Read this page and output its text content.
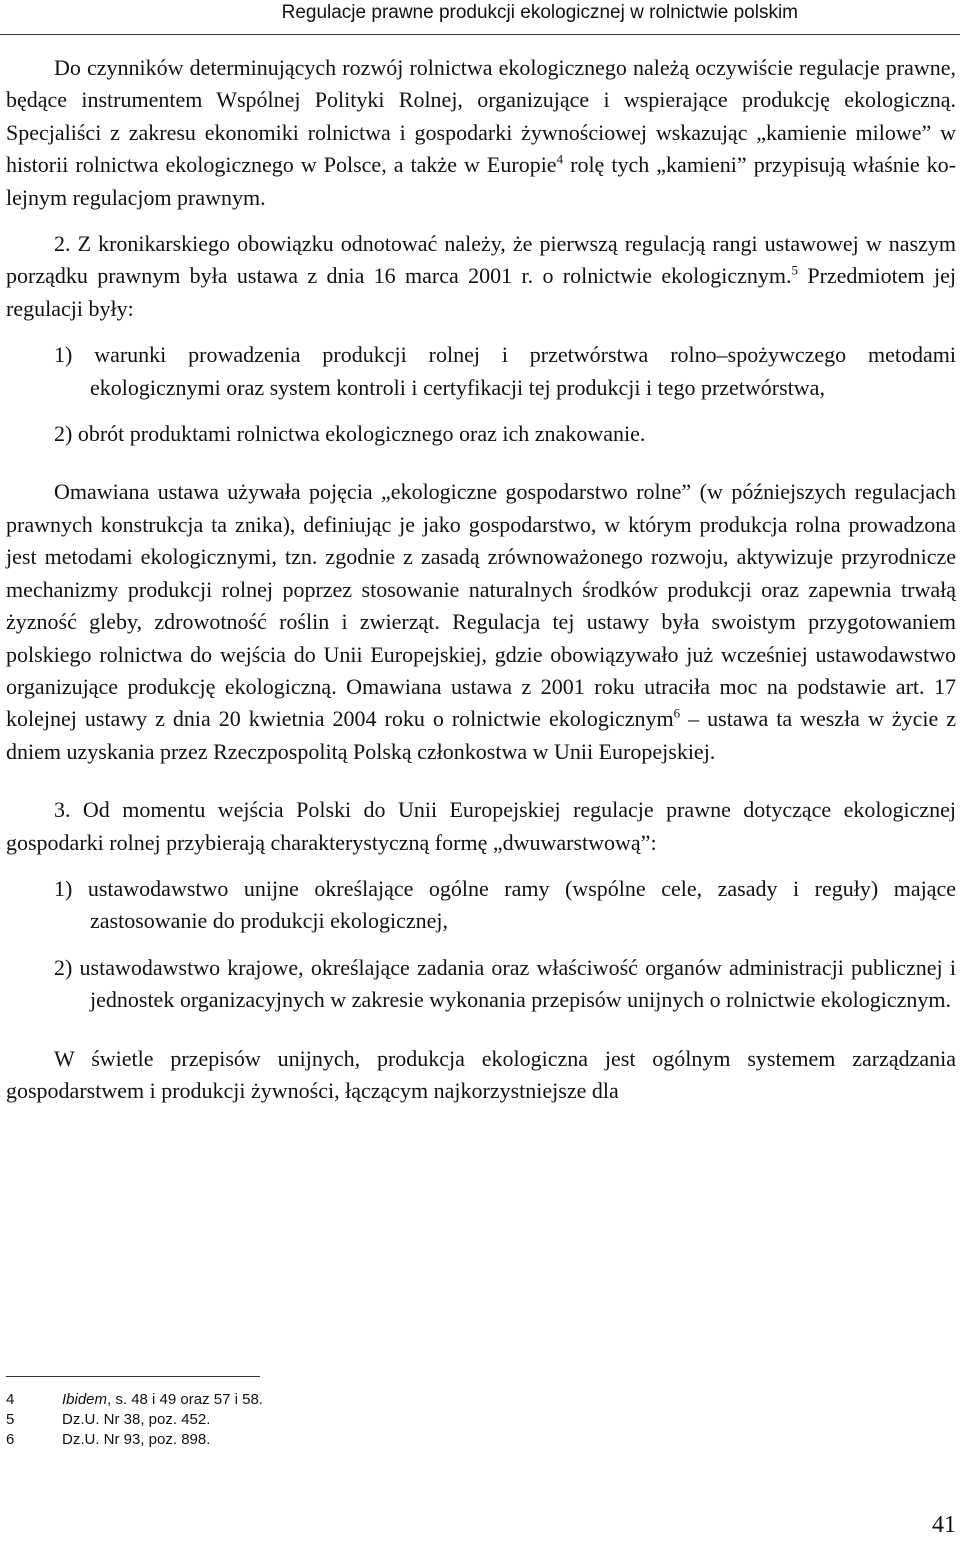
Regulacje prawne produkcji ekologicznej w rolnictwie polskim

Do czynników determinujących rozwój rolnictwa ekologicznego należą oczywiście regulacje prawne, będące instrumentem Wspólnej Polityki Rolnej, organizujące i wspierające produkcję ekologiczną. Specjaliści z zakresu ekonomiki rolnictwa i gospodarki żywnościowej wskazując „kamienie milowe” w historii rolnictwa ekologicznego w Polsce, a także w Europie$^4$ rolę tych „kamieni” przypisują właśnie kolejnym regulacjom prawnym.

2. Z kronikarskiego obowiązku odnotować należy, że pierwszą regulacją rangi ustawowej w naszym porządku prawnym była ustawa z dnia 16 marca 2001 r. o rolnictwie ekologicznym.$^5$ Przedmiotem jej regulacji były:

1) warunki prowadzenia produkcji rolnej i przetwórstwa rolno–spożywczego metodami ekologicznymi oraz system kontroli i certyfikacji tej produkcji i tego przetwórstwa,

2) obrót produktami rolnictwa ekologicznego oraz ich znakowanie.

Omawiana ustawa używała pojęcia „ekologiczne gospodarstwo rolne” (w późniejszych regulacjach prawnych konstrukcja ta znika), definiując je jako gospodarstwo, w którym produkcja rolna prowadzona jest metodami ekologicznymi, tzn. zgodnie z zasadą zrównoważonego rozwoju, aktywizuje przyrodnicze mechanizmy produkcji rolnej poprzez stosowanie naturalnych środków produkcji oraz zapewnia trwałą żyzność gleby, zdrowotność roślin i zwierząt. Regulacja tej ustawy była swoistym przygotowaniem polskiego rolnictwa do wejścia do Unii Europejskiej, gdzie obowiązywało już wcześniej ustawodawstwo organizujące produkcję ekologiczną. Omawiana ustawa z 2001 roku utraciła moc na podstawie art. 17 kolejnej ustawy z dnia 20 kwietnia 2004 roku o rolnictwie ekologicznym$^6$ – ustawa ta weszła w życie z dniem uzyskania przez Rzeczpospolitą Polską członkostwa w Unii Europejskiej.

3. Od momentu wejścia Polski do Unii Europejskiej regulacje prawne dotyczące ekologicznej gospodarki rolnej przybierają charakterystyczną formę „dwuwarstwową”:

1) ustawodawstwo unijne określające ogólne ramy (wspólne cele, zasady i reguły) mające zastosowanie do produkcji ekologicznej,

2) ustawodawstwo krajowe, określające zadania oraz właściwość organów administracji publicznej i jednostek organizacyjnych w zakresie wykonania przepisów unijnych o rolnictwie ekologicznym.

W świetle przepisów unijnych, produkcja ekologiczna jest ogólnym systemem zarządzania gospodarstwem i produkcji żywności, łączącym najkorzystniejsze dla

4	Ibidem, s. 48 i 49 oraz 57 i 58.
5	Dz.U. Nr 38, poz. 452.
6	Dz.U. Nr 93, poz. 898.
41
